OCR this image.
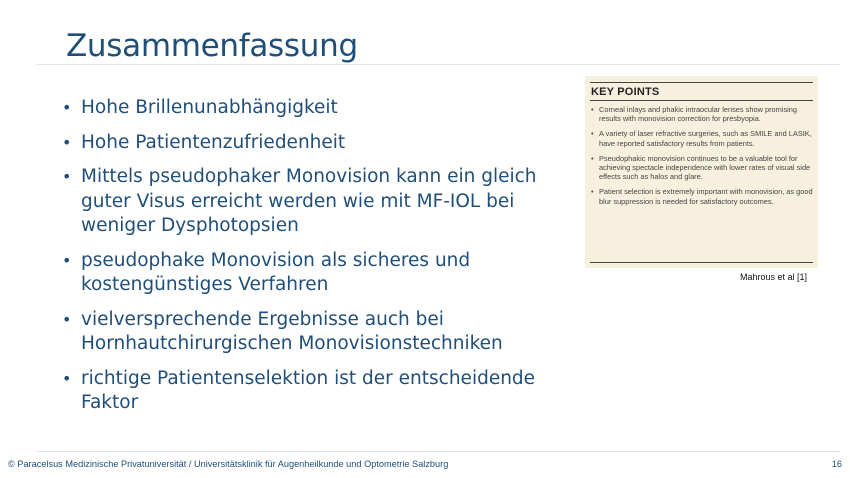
Zusammenfassung
• Hohe Brillenunabhängigkeit
• Hohe Patientenzufriedenheit
• Mittels pseudophaker Monovision kann ein gleich guter Visus erreicht werden wie mit MF-IOL bei weniger Dysphotopsien
• pseudophake Monovision als sicheres und kostengünstiges Verfahren
• vielversprechende Ergebnisse auch bei Hornhautchirurgischen Monovisionstechniken
• richtige Patientenselektion ist der entscheidende Faktor
KEY POINTS
• Corneal inlays and phakic intraocular lenses show promising results with monovision correction for presbyopia.
• A variety of laser refractive surgeries, such as SMILE and LASIK, have reported satisfactory results from patients.
• Pseudophakic monovision continues to be a valuable tool for achieving spectacle independence with lower rates of visual side effects such as halos and glare.
• Patient selection is extremely important with monovision, as good blur suppression is needed for satisfactory outcomes.
Mahrous et al [1]
© Paracelsus Medizinische Privatuniversität / Universitätsklinik für Augenheilkunde und Optometrie Salzburg	16
